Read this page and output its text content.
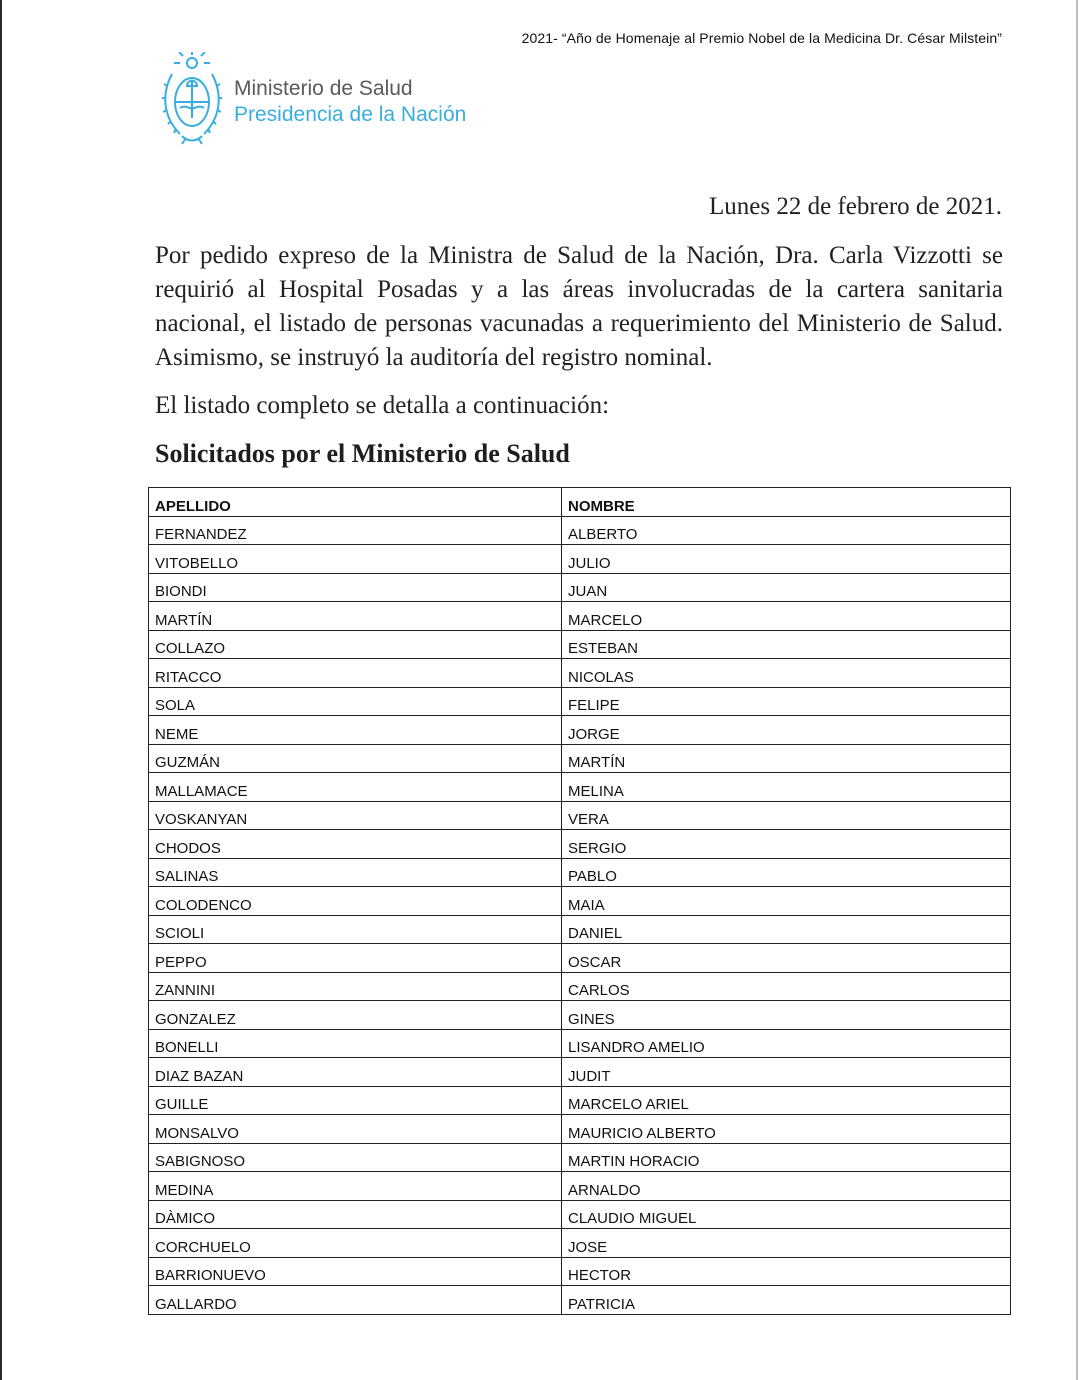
2021- “Año de Homenaje al Premio Nobel de la Medicina Dr. César Milstein”
Ministerio de Salud
Presidencia de la Nación
Lunes 22 de febrero de 2021.

Por pedido expreso de la Ministra de Salud de la Nación, Dra. Carla Vizzotti se requirió al Hospital Posadas y a las áreas involucradas de la cartera sanitaria nacional, el listado de personas vacunadas a requerimiento del Ministerio de Salud. Asimismo, se instruyó la auditoría del registro nominal.

El listado completo se detalla a continuación:

Solicitados por el Ministerio de Salud
APELLIDO	NOMBRE
FERNANDEZ	ALBERTO
VITOBELLO	JULIO
BIONDI	JUAN
MARTÍN	MARCELO
COLLAZO	ESTEBAN
RITACCO	NICOLAS
SOLA	FELIPE
NEME	JORGE
GUZMÁN	MARTÍN
MALLAMACE	MELINA
VOSKANYAN	VERA
CHODOS	SERGIO
SALINAS	PABLO
COLODENCO	MAIA
SCIOLI	DANIEL
PEPPO	OSCAR
ZANNINI	CARLOS
GONZALEZ	GINES
BONELLI	LISANDRO AMELIO
DIAZ BAZAN	JUDIT
GUILLE	MARCELO ARIEL
MONSALVO	MAURICIO ALBERTO
SABIGNOSO	MARTIN HORACIO
MEDINA	ARNALDO
DÀMICO	CLAUDIO MIGUEL
CORCHUELO	JOSE
BARRIONUEVO	HECTOR
GALLARDO	PATRICIA
